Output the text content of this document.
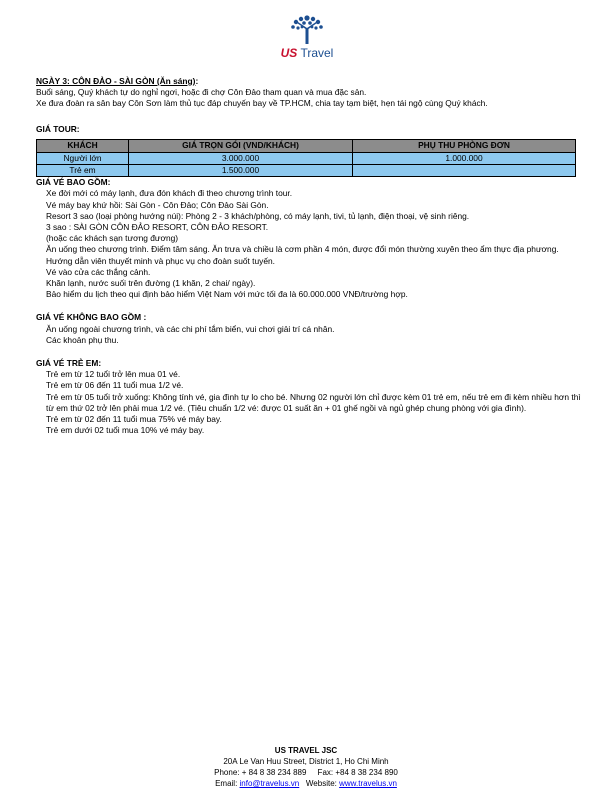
US Travel

NGÀY 3: CÔN ĐẢO - SÀI GÒN (Ăn sáng):

Buổi sáng, Quý khách tự do nghỉ ngơi, hoặc đi chợ Côn Đảo tham quan và mua đặc sản.

Xe đưa đoàn ra sân bay Côn Sơn làm thủ tục đáp chuyến bay về TP.HCM, chia tay tạm biệt, hẹn tái ngộ cùng Quý khách.

GIÁ TOUR:

KHÁCH	GIÁ TRỌN GÓI (VND/KHÁCH)	PHỤ THU PHÒNG ĐƠN
Người lớn	3.000.000	1.000.000
Trẻ em	1.500.000	

GIÁ VÉ BAO GỒM:

Xe đời mới có máy lạnh, đưa đón khách đi theo chương trình tour.

Vé máy bay khứ hồi: Sài Gòn - Côn Đảo; Côn Đảo Sài Gòn.

Resort 3 sao (loại phòng hướng núi): Phòng 2 - 3 khách/phòng, có máy lạnh, tivi, tủ lạnh, điện thoại, vệ sinh riêng.

3 sao : SÀI GÒN CÔN ĐẢO RESORT, CÔN ĐẢO RESORT.

(hoặc các khách sạn tương đương)

Ăn uống theo chương trình. Điểm tâm sáng. Ăn trưa và chiều là cơm phần 4 món, được đổi món thường xuyên theo ẩm thực địa phương.

Hướng dẫn viên thuyết minh và phục vụ cho đoàn suốt tuyến.

Vé vào cửa các thắng cảnh.

Khăn lạnh, nước suối trên đường (1 khăn, 2 chai/ ngày).

Bảo hiểm du lịch theo qui định bảo hiểm Việt Nam với mức tối đa là 60.000.000 VNĐ/trường hợp.

GIÁ VÉ KHÔNG BAO GỒM :

Ăn uống ngoài chương trình, và các chi phí tắm biển, vui chơi giải trí cá nhân.

Các khoản phụ thu.

GIÁ VÉ TRẺ EM:

Trẻ em từ 12 tuổi trở lên mua 01 vé.

Trẻ em từ 06 đến 11 tuổi mua 1/2 vé.

Trẻ em từ 05 tuổi trở xuống: Không tính vé, gia đình tự lo cho bé. Nhưng 02 người lớn chỉ được kèm 01 trẻ em, nếu trẻ em đi kèm nhiều hơn thì từ em thứ 02 trở lên phải mua 1/2 vé. (Tiêu chuẩn 1/2 vé: được 01 suất ăn + 01 ghế ngồi và ngủ ghép chung phòng với gia đình).

Trẻ em từ 02 đến 11 tuổi mua 75% vé máy bay.

Trẻ em dưới 02 tuổi mua 10% vé máy bay.

US TRAVEL JSC
20A Le Van Huu Street, District 1, Ho Chi Minh
Phone: + 84 8 38 234 889     Fax: +84 8 38 234 890
Email: info@travelus.vn   Website: www.travelus.vn
